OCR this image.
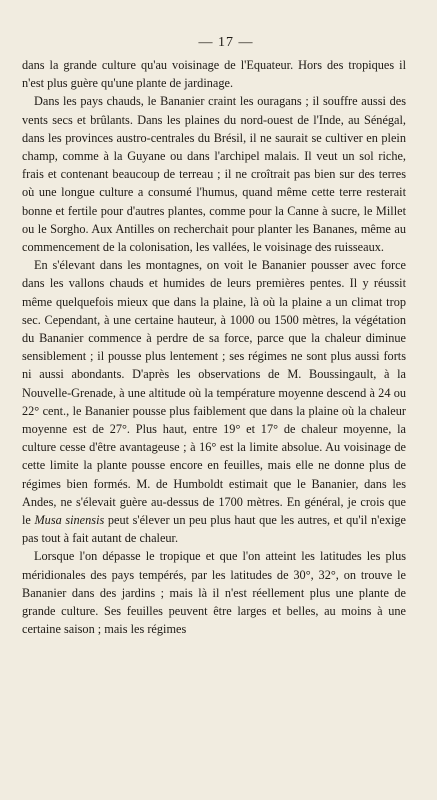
— 17 —

dans la grande culture qu'au voisinage de l'Equateur. Hors des tropiques il n'est plus guère qu'une plante de jardinage.

Dans les pays chauds, le Bananier craint les ouragans ; il souffre aussi des vents secs et brûlants. Dans les plaines du nord-ouest de l'Inde, au Sénégal, dans les provinces austro-centrales du Brésil, il ne saurait se cultiver en plein champ, comme à la Guyane ou dans l'archipel malais. Il veut un sol riche, frais et contenant beaucoup de terreau ; il ne croîtrait pas bien sur des terres où une longue culture a consumé l'humus, quand même cette terre resterait bonne et fertile pour d'autres plantes, comme pour la Canne à sucre, le Millet ou le Sorgho. Aux Antilles on recherchait pour planter les Bananes, même au commencement de la colonisation, les vallées, le voisinage des ruisseaux.

En s'élevant dans les montagnes, on voit le Bananier pousser avec force dans les vallons chauds et humides de leurs premières pentes. Il y réussit même quelquefois mieux que dans la plaine, là où la plaine a un climat trop sec. Cependant, à une certaine hauteur, à 1000 ou 1500 mètres, la végétation du Bananier commence à perdre de sa force, parce que la chaleur diminue sensiblement ; il pousse plus lentement ; ses régimes ne sont plus aussi forts ni aussi abondants. D'après les observations de M. Boussingault, à la Nouvelle-Grenade, à une altitude où la température moyenne descend à 24 ou 22° cent., le Bananier pousse plus faiblement que dans la plaine où la chaleur moyenne est de 27°. Plus haut, entre 19° et 17° de chaleur moyenne, la culture cesse d'être avantageuse ; à 16° est la limite absolue. Au voisinage de cette limite la plante pousse encore en feuilles, mais elle ne donne plus de régimes bien formés. M. de Humboldt estimait que le Bananier, dans les Andes, ne s'élevait guère au-dessus de 1700 mètres. En général, je crois que le Musa sinensis peut s'élever un peu plus haut que les autres, et qu'il n'exige pas tout à fait autant de chaleur.

Lorsque l'on dépasse le tropique et que l'on atteint les latitudes les plus méridionales des pays tempérés, par les latitudes de 30°, 32°, on trouve le Bananier dans des jardins ; mais là il n'est réellement plus une plante de grande culture. Ses feuilles peuvent être larges et belles, au moins à une certaine saison ; mais les régimes
